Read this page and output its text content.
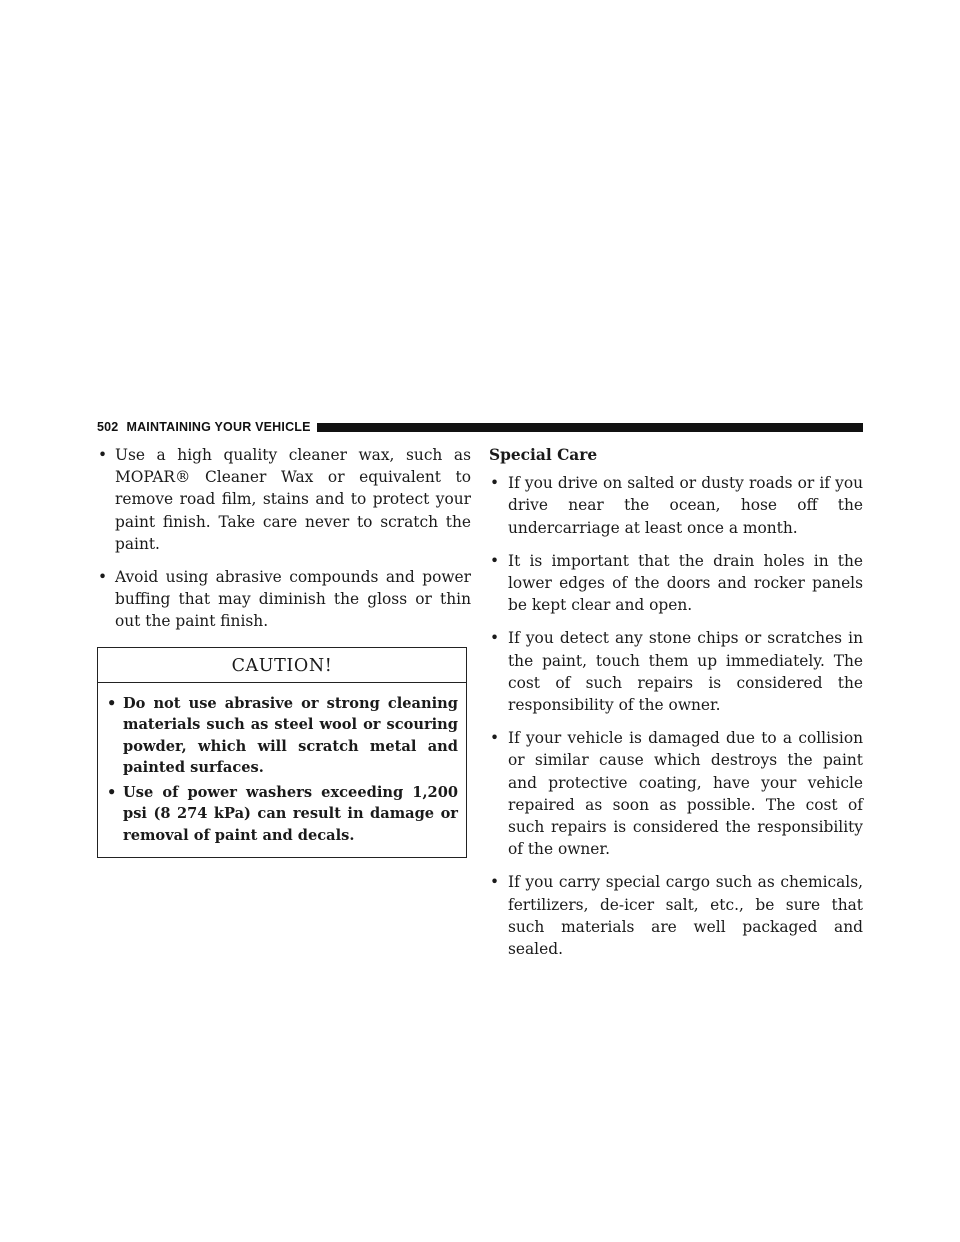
502 MAINTAINING YOUR VEHICLE

• Use a high quality cleaner wax, such as MOPAR® Cleaner Wax or equivalent to remove road film, stains and to protect your paint finish. Take care never to scratch the paint.

• Avoid using abrasive compounds and power buffing that may diminish the gloss or thin out the paint finish.

CAUTION!

• Do not use abrasive or strong cleaning materials such as steel wool or scouring powder, which will scratch metal and painted surfaces.

• Use of power washers exceeding 1,200 psi (8 274 kPa) can result in damage or removal of paint and decals.

Special Care

• If you drive on salted or dusty roads or if you drive near the ocean, hose off the undercarriage at least once a month.

• It is important that the drain holes in the lower edges of the doors and rocker panels be kept clear and open.

• If you detect any stone chips or scratches in the paint, touch them up immediately. The cost of such repairs is considered the responsibility of the owner.

• If your vehicle is damaged due to a collision or similar cause which destroys the paint and protective coating, have your vehicle repaired as soon as possible. The cost of such repairs is considered the responsibility of the owner.

• If you carry special cargo such as chemicals, fertilizers, de-icer salt, etc., be sure that such materials are well packaged and sealed.
